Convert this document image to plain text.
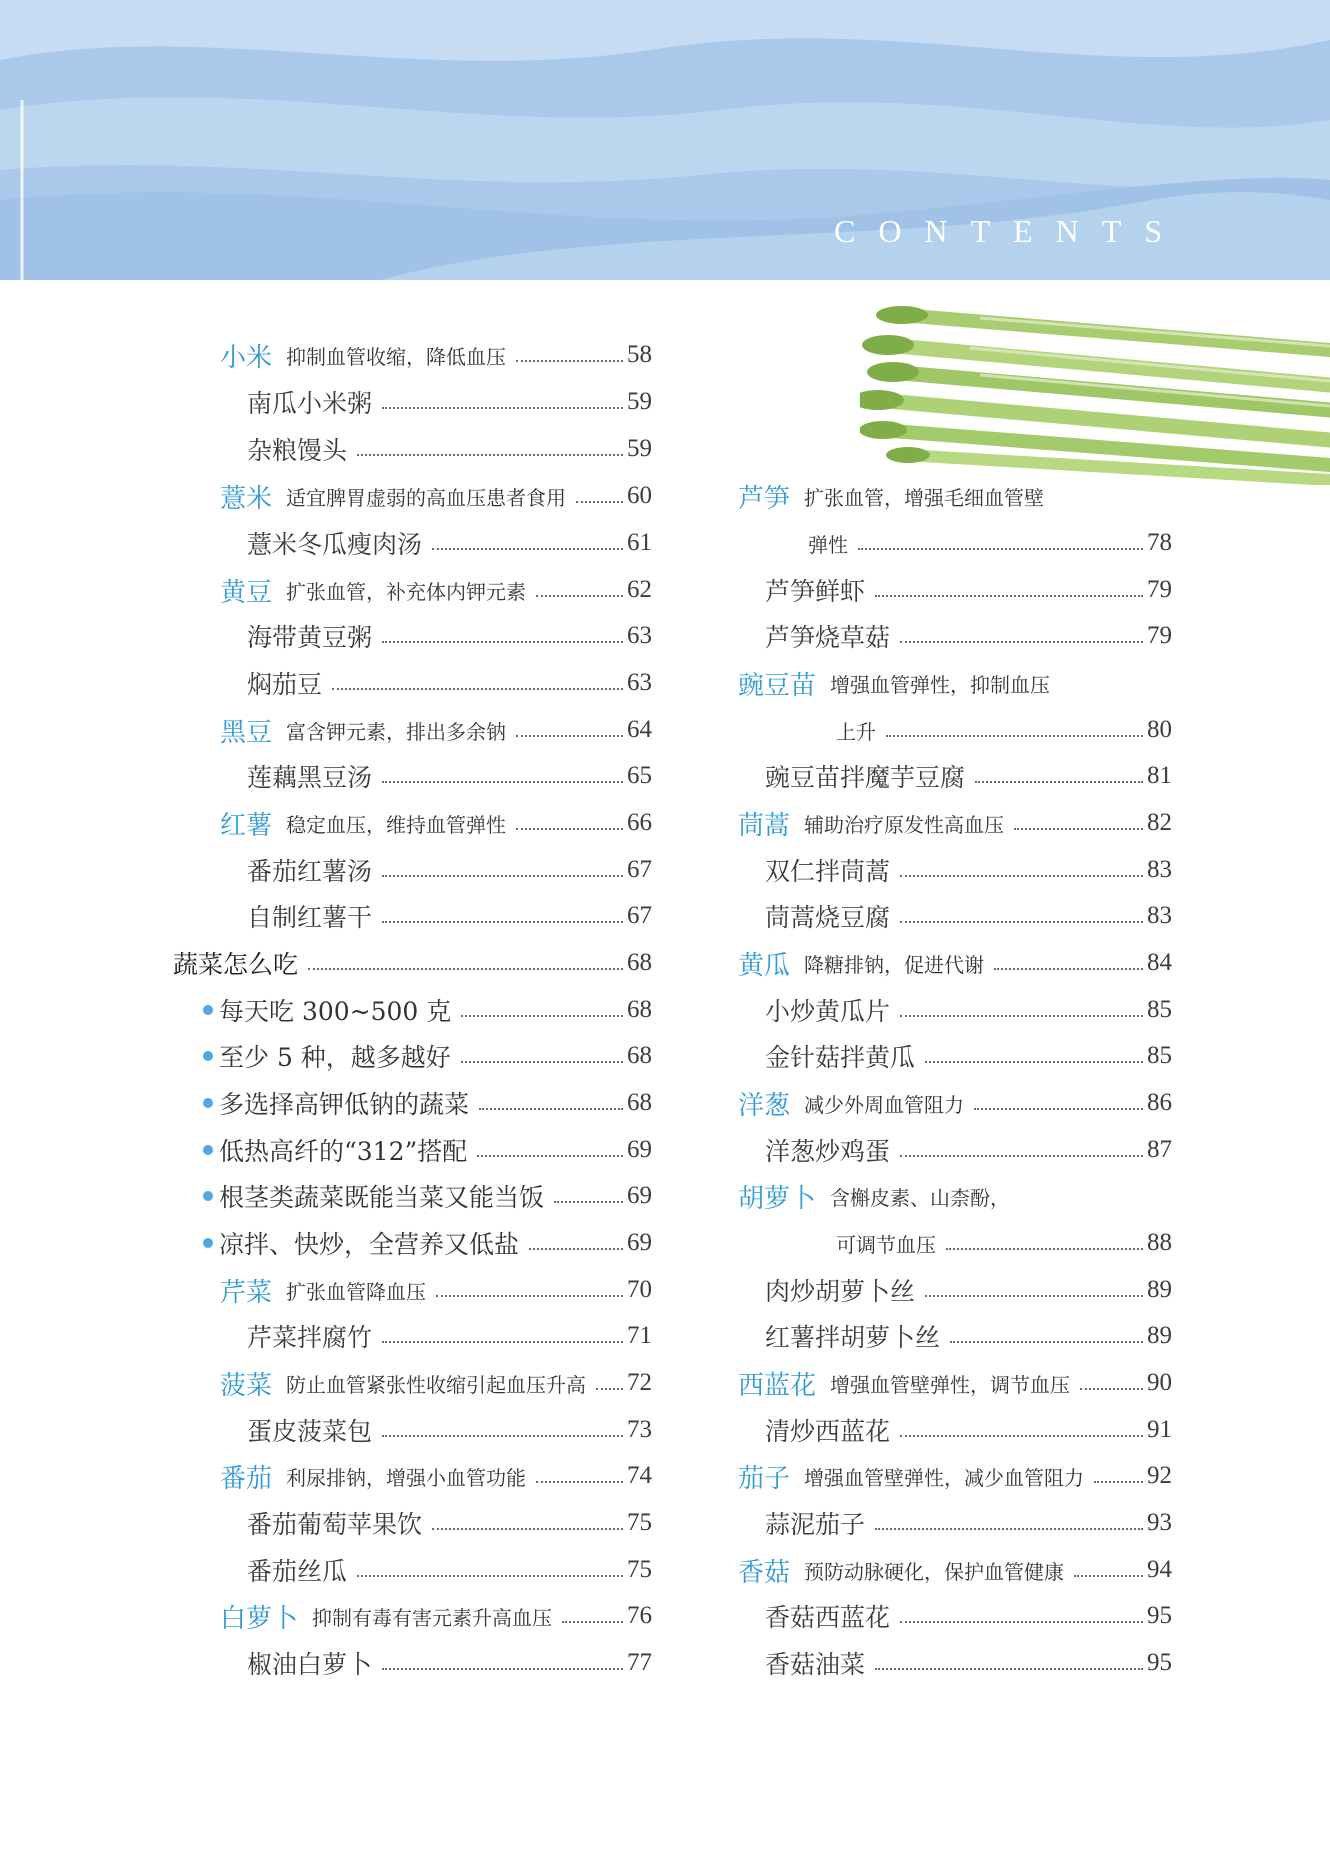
CONTENTS
小米 抑制血管收缩，降低血压	58
南瓜小米粥	59
杂粮馒头	59
薏米 适宜脾胃虚弱的高血压患者食用 60
薏米冬瓜瘦肉汤	61
黄豆 扩张血管，补充体内钾元素	62
海带黄豆粥	63
焖茄豆	63
黑豆 富含钾元素，排出多余钠	64
莲藕黑豆汤	65
红薯 稳定血压，维持血管弹性	66
番茄红薯汤	67
自制红薯干	67
蔬菜怎么吃	68
每天吃 300~500 克	68
至少 5 种，越多越好	68
多选择高钾低钠的蔬菜	68
低热高纤的“312”搭配	69
根茎类蔬菜既能当菜又能当饭	69
凉拌、快炒，全营养又低盐	69
芹菜 扩张血管降血压	70
芹菜拌腐竹	71
菠菜 防止血管紧张性收缩引起血压升高 72
蛋皮菠菜包	73
番茄 利尿排钠，增强小血管功能	74
番茄葡萄苹果饮	75
番茄丝瓜	75
白萝卜 抑制有毒有害元素升高血压	76
椒油白萝卜	77
芦笋 扩张血管，增强毛细血管壁
弹性	78
芦笋鲜虾	79
芦笋烧草菇	79
豌豆苗 增强血管弹性，抑制血压
上升	80
豌豆苗拌魔芋豆腐	81
茼蒿 辅助治疗原发性高血压	82
双仁拌茼蒿	83
茼蒿烧豆腐	83
黄瓜 降糖排钠，促进代谢	84
小炒黄瓜片	85
金针菇拌黄瓜	85
洋葱 减少外周血管阻力	86
洋葱炒鸡蛋	87
胡萝卜 含槲皮素、山柰酚，
可调节血压	88
肉炒胡萝卜丝	89
红薯拌胡萝卜丝	89
西蓝花 增强血管壁弹性，调节血压	90
清炒西蓝花	91
茄子 增强血管壁弹性，减少血管阻力	92
蒜泥茄子	93
香菇 预防动脉硬化，保护血管健康	94
香菇西蓝花	95
香菇油菜	95
